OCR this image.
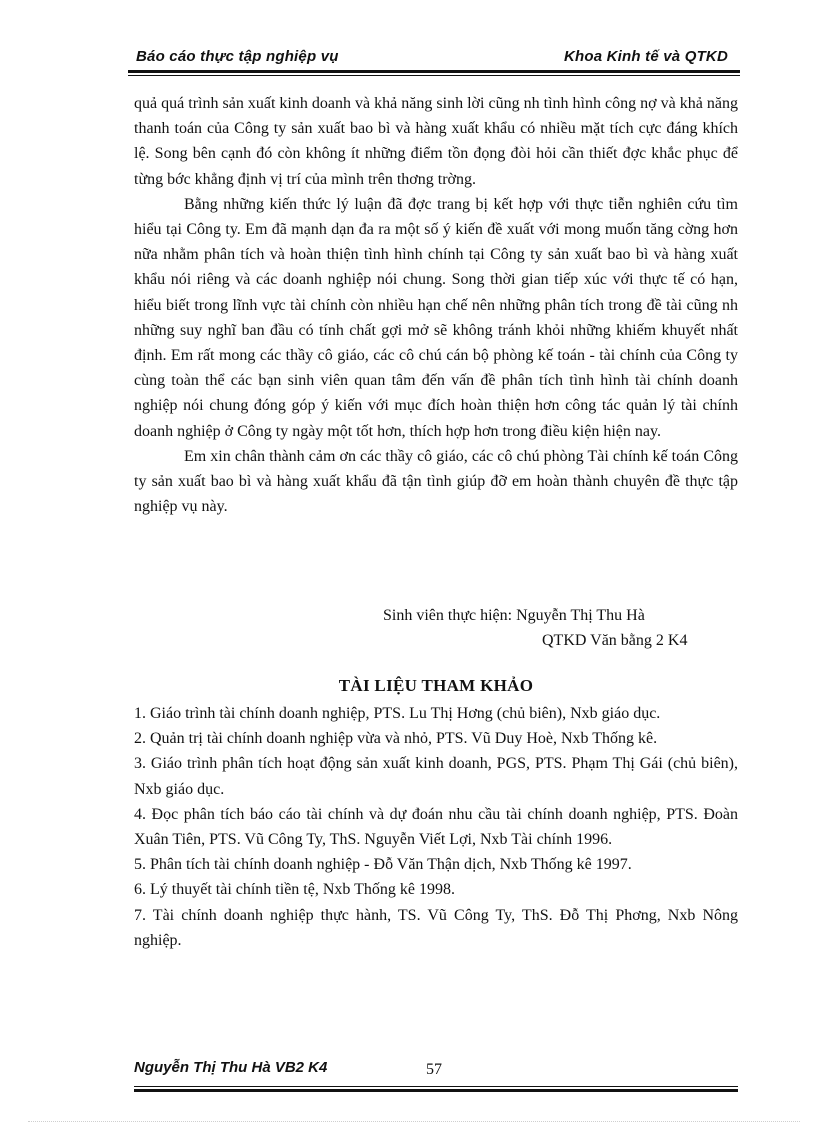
Báo cáo thực tập nghiệp vụ	Khoa Kinh tế và QTKD

quả quá trình sản xuất kinh doanh và khả năng sinh lời cũng nh tình hình công nợ và khả năng thanh toán của Công ty sản xuất bao bì và hàng xuất khẩu có nhiều mặt tích cực đáng khích lệ. Song bên cạnh đó còn không ít những điểm tồn đọng đòi hỏi cần thiết đợc khắc phục để từng bớc khẳng định vị trí của mình trên thơng trờng.

Bằng những kiến thức lý luận đã đợc trang bị kết hợp với thực tiễn nghiên cứu tìm hiểu tại Công ty. Em đã mạnh dạn đa ra một số ý kiến đề xuất với mong muốn tăng cờng hơn nữa nhằm phân tích và hoàn thiện tình hình chính tại Công ty sản xuất bao bì và hàng xuất khẩu nói riêng và các doanh nghiệp nói chung. Song thời gian tiếp xúc với thực tế có hạn, hiểu biết trong lĩnh vực tài chính còn nhiều hạn chế nên những phân tích trong đề tài cũng nh những suy nghĩ ban đầu có tính chất gợi mở sẽ không tránh khỏi những khiếm khuyết nhất định. Em rất mong các thầy cô giáo, các cô chú cán bộ phòng kế toán - tài chính của Công ty cùng toàn thể các bạn sinh viên quan tâm đến vấn đề phân tích tình hình tài chính doanh nghiệp nói chung đóng góp ý kiến với mục đích hoàn thiện hơn công tác quản lý tài chính doanh nghiệp ở Công ty ngày một tốt hơn, thích hợp hơn trong điều kiện hiện nay.

Em xin chân thành cảm ơn các thầy cô giáo, các cô chú phòng Tài chính kế toán Công ty sản xuất bao bì và hàng xuất khẩu đã tận tình giúp đỡ em hoàn thành chuyên đề thực tập nghiệp vụ này.

Sinh viên thực hiện: Nguyễn Thị Thu Hà
QTKD Văn bằng 2 K4
TÀI LIỆU THAM KHẢO

1. Giáo trình tài chính doanh nghiệp, PTS. Lu Thị Hơng (chủ biên), Nxb giáo dục.

2. Quản trị tài chính doanh nghiệp vừa và nhỏ, PTS. Vũ Duy Hoè, Nxb Thống kê.

3. Giáo trình phân tích hoạt động sản xuất kinh doanh, PGS, PTS. Phạm Thị Gái (chủ biên), Nxb giáo dục.

4. Đọc phân tích báo cáo tài chính và dự đoán nhu cầu tài chính doanh nghiệp, PTS. Đoàn Xuân Tiên, PTS. Vũ Công Ty, ThS. Nguyễn Viết Lợi, Nxb Tài chính 1996.

5. Phân tích tài chính doanh nghiệp - Đỗ Văn Thận dịch, Nxb Thống kê 1997.

6. Lý thuyết tài chính tiền tệ, Nxb Thống kê 1998.

7. Tài chính doanh nghiệp thực hành, TS. Vũ Công Ty, ThS. Đỗ Thị Phơng, Nxb Nông nghiệp.

Nguyễn Thị Thu Hà VB2 K4	57
